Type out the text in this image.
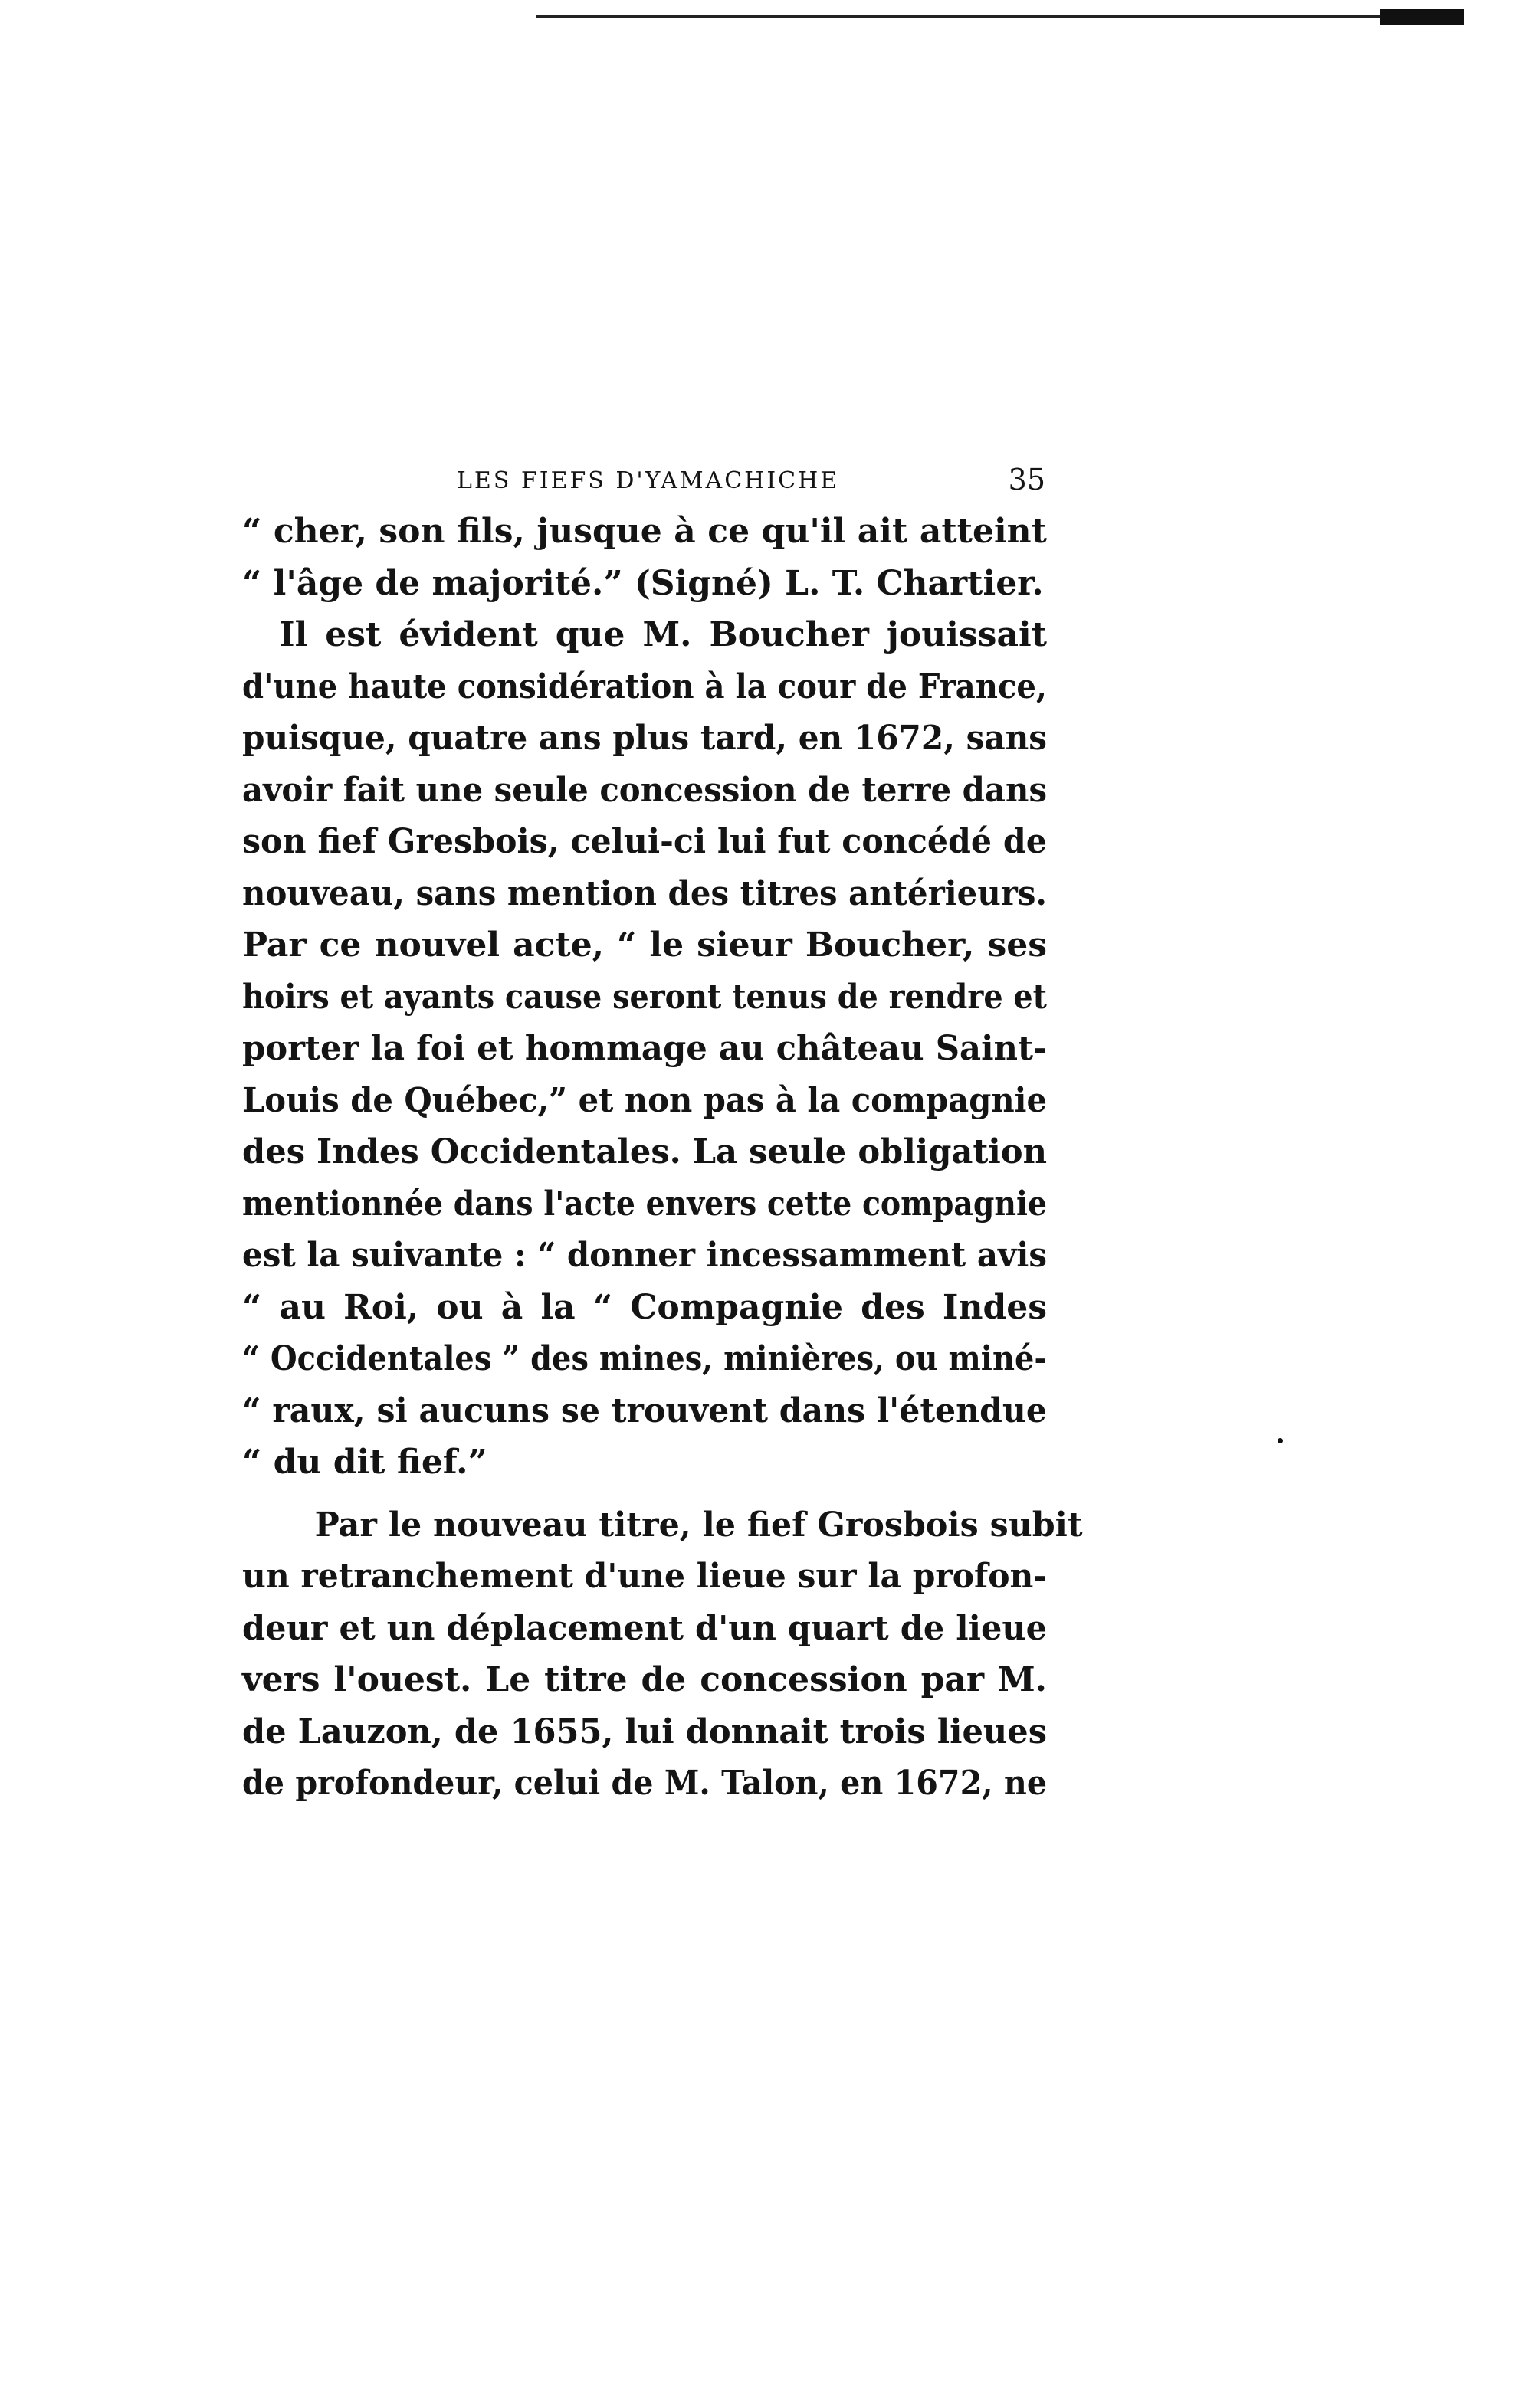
LES FIEFS D'YAMACHICHE	35
“ cher, son fils, jusque à ce qu'il ait atteint
“ l'âge de majorité.” (Signé) L. T. Chartier.
Il est évident que M. Boucher jouissait
d'une haute considération à la cour de France,
puisque, quatre ans plus tard, en 1672, sans
avoir fait une seule concession de terre dans
son fief Gresbois, celui-ci lui fut concédé de
nouveau, sans mention des titres antérieurs.
Par ce nouvel acte, “ le sieur Boucher, ses
hoirs et ayants cause seront tenus de rendre et
porter la foi et hommage au château Saint-
Louis de Québec,” et non pas à la compagnie
des Indes Occidentales. La seule obligation
mentionnée dans l'acte envers cette compagnie
est la suivante : “ donner incessamment avis
“ au Roi, ou à la “ Compagnie des Indes
“ Occidentales ” des mines, minières, ou miné-
“ raux, si aucuns se trouvent dans l'étendue
“ du dit fief.”
Par le nouveau titre, le fief Grosbois subit
un retranchement d'une lieue sur la profon-
deur et un déplacement d'un quart de lieue
vers l'ouest. Le titre de concession par M.
de Lauzon, de 1655, lui donnait trois lieues
de profondeur, celui de M. Talon, en 1672, ne
